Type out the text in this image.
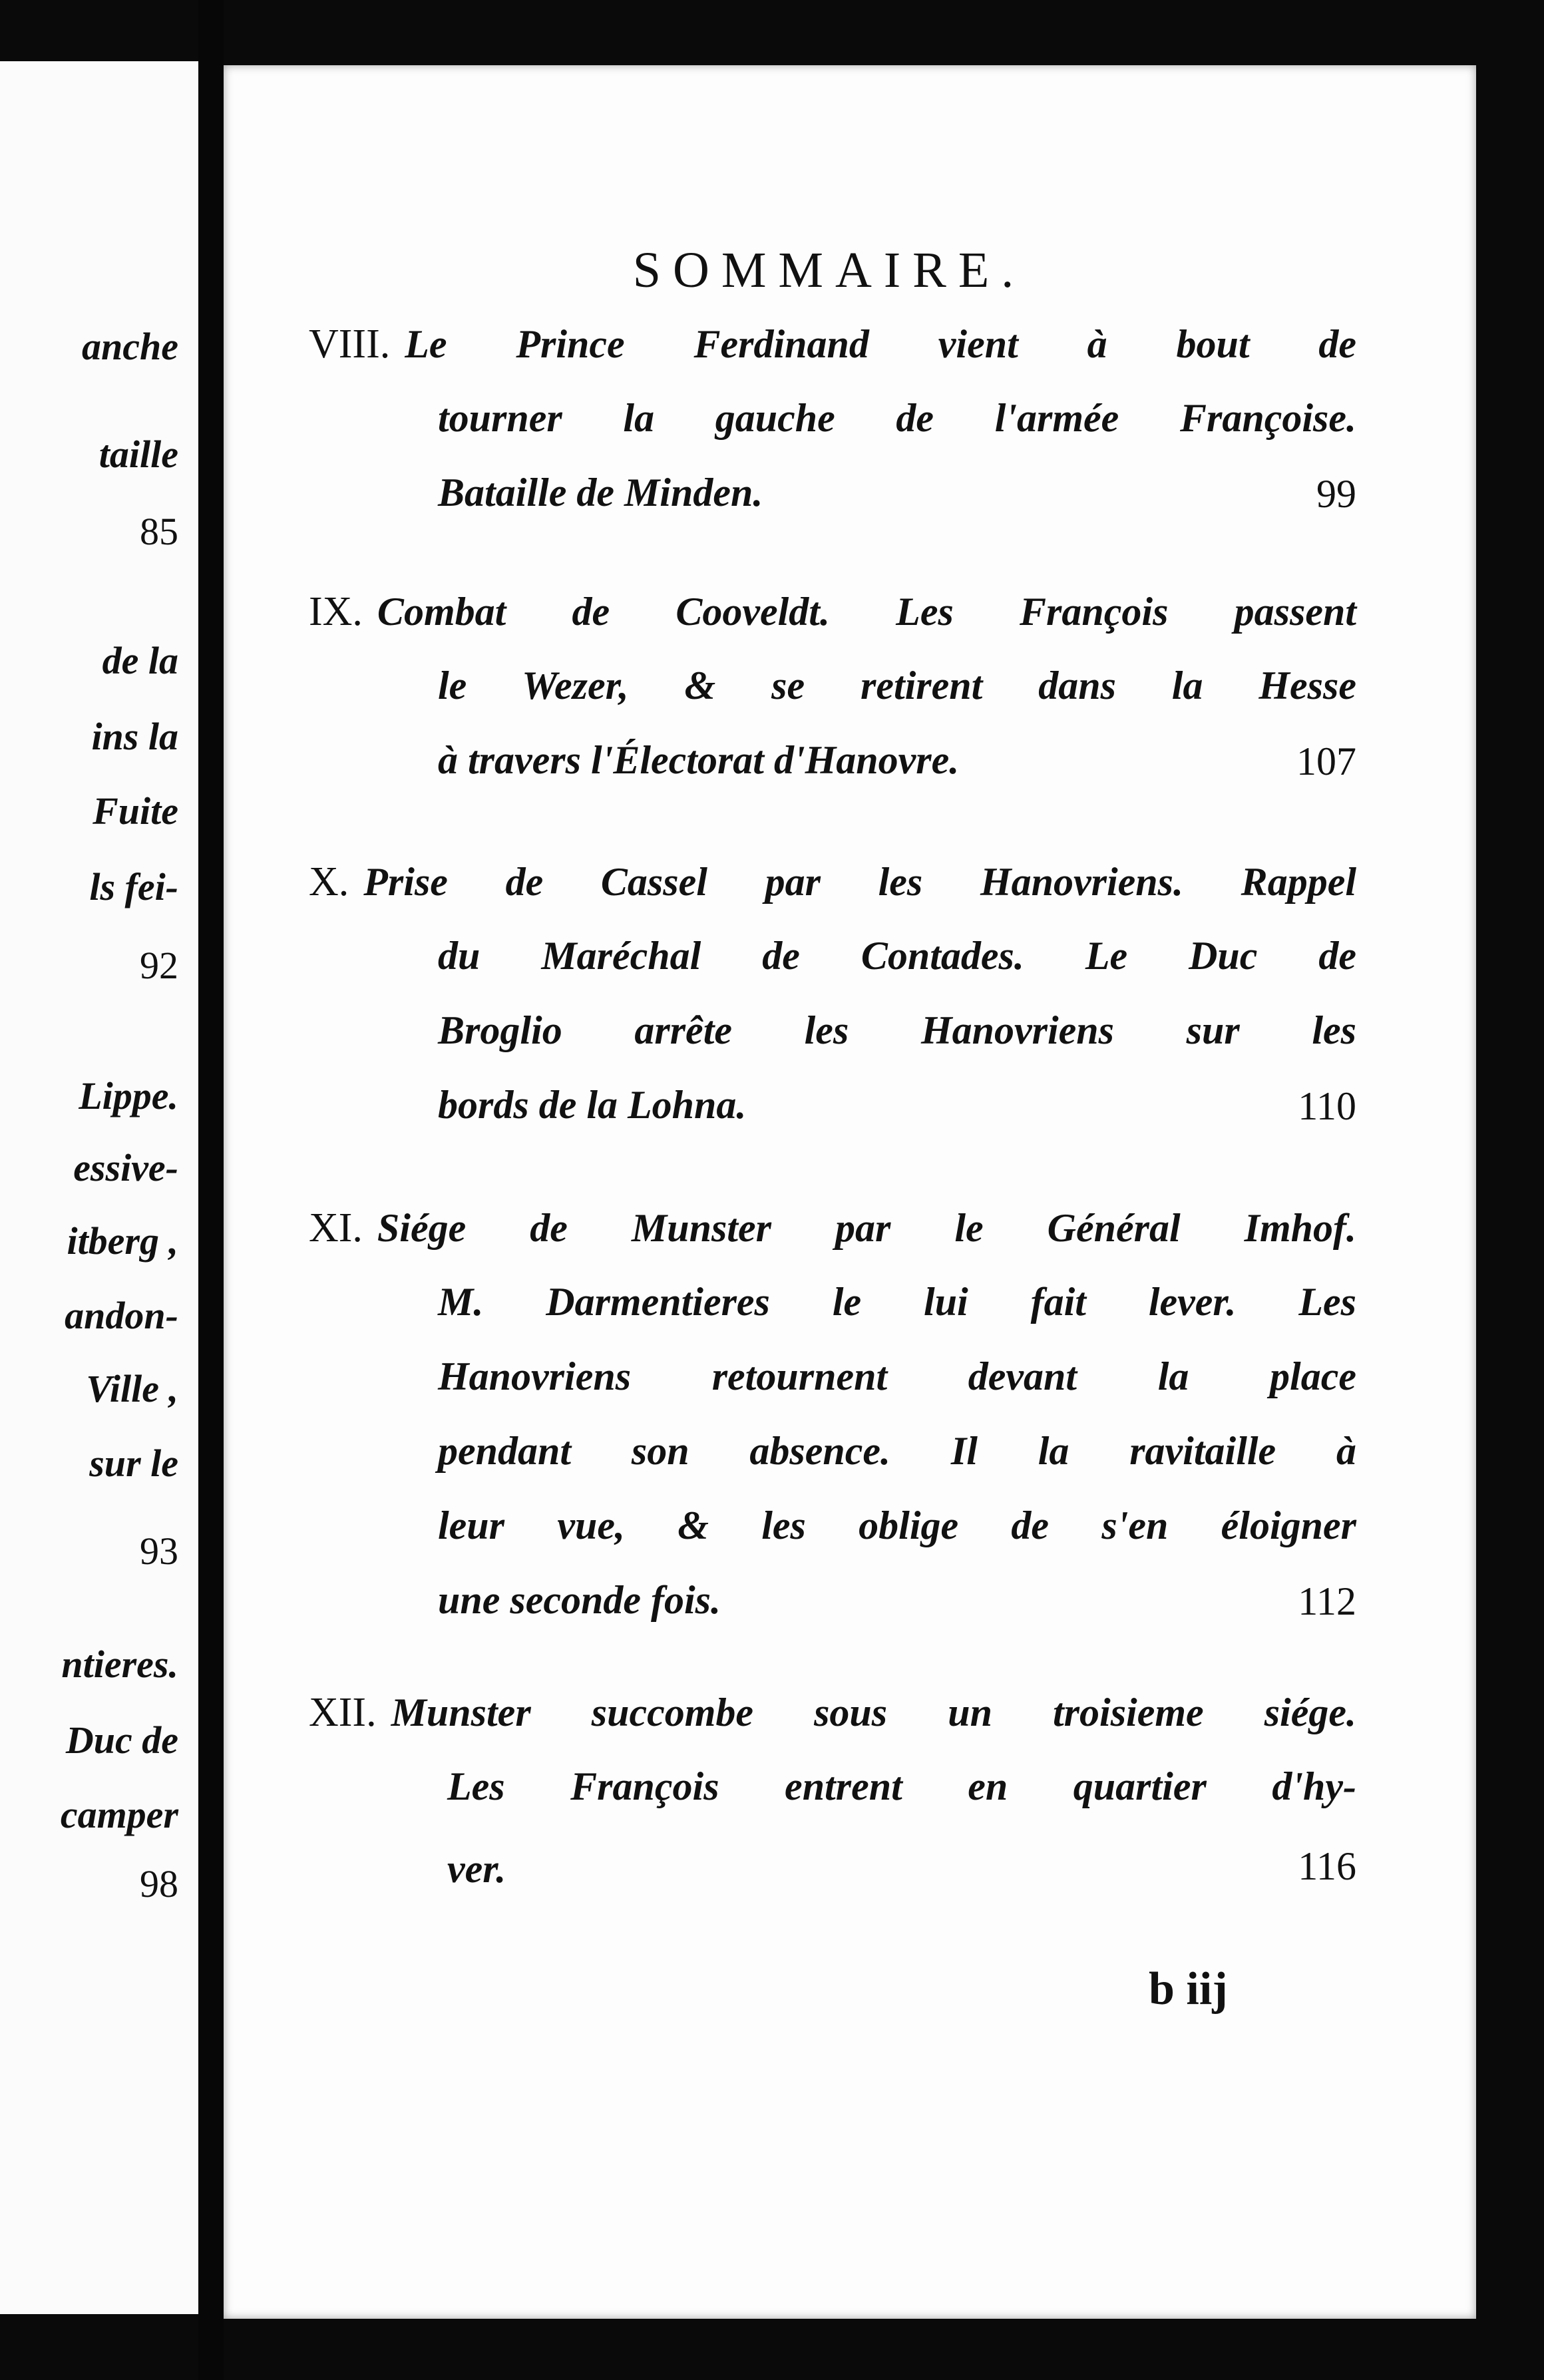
anche
taille
85
de la
ins la
Fuite
ls fei-
92
Lippe.
essive-
itberg ,
andon-
Ville ,
sur le
93
ntieres.
Duc de
camper
98
SOMMAIRE.
VIII. Le Prince Ferdinand vient à bout de
tourner la gauche de l'armée Françoise.
Bataille de Minden.	99
IX. Combat de Cooveldt. Les François passent
le Wezer, & se retirent dans la Hesse
à travers l'Électorat d'Hanovre.	107
X. Prise de Cassel par les Hanovriens. Rappel
du Maréchal de Contades. Le Duc de
Broglio arrête les Hanovriens sur les
bords de la Lohna.	110
XI. Siége de Munster par le Général Imhof.
M. Darmentieres le lui fait lever. Les
Hanovriens retournent devant la place
pendant son absence. Il la ravitaille à
leur vue, & les oblige de s'en éloigner
une seconde fois.	112
XII. Munster succombe sous un troisieme siége.
Les François entrent en quartier d'hy-
ver.	116
b iij
